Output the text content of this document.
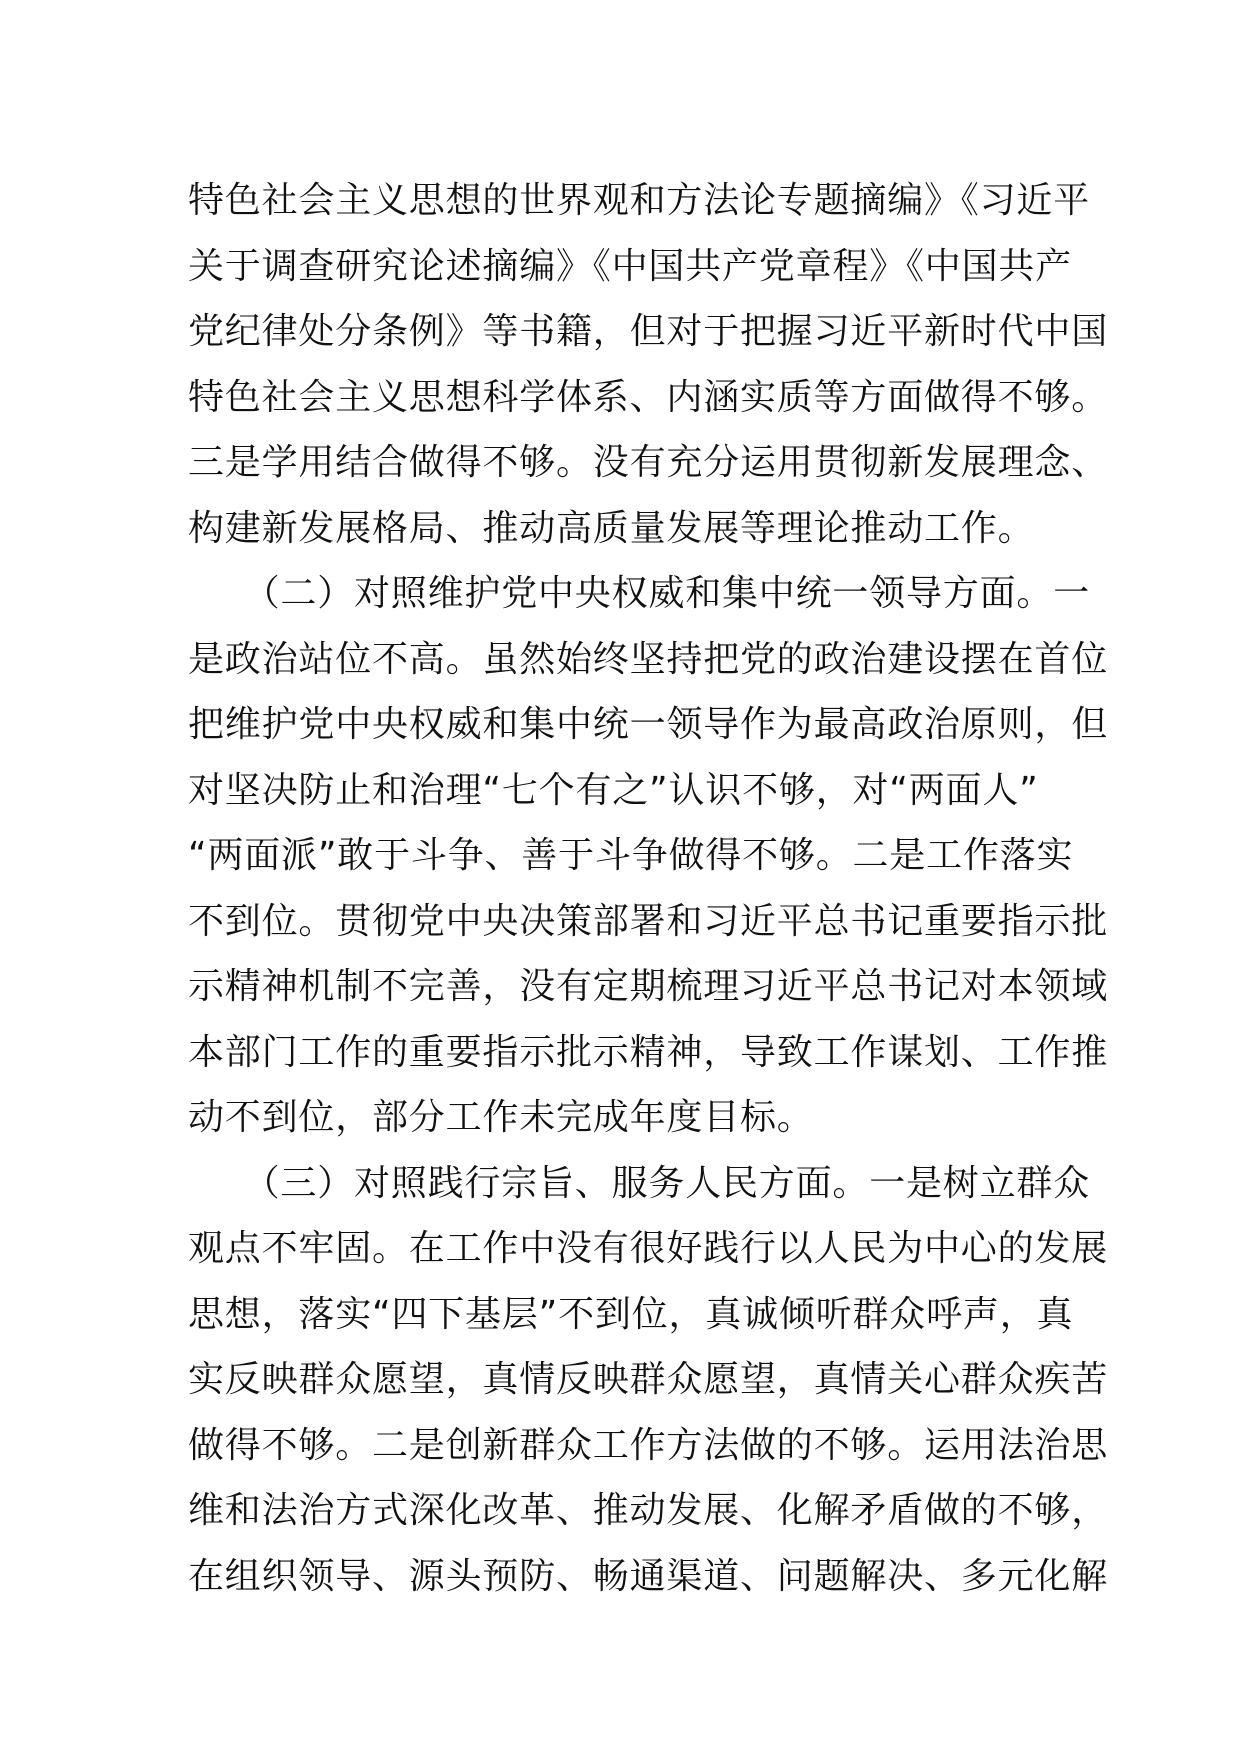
特色社会主义思想的世界观和方法论专题摘编》《习近平
关于调查研究论述摘编》《中国共产党章程》《中国共产
党纪律处分条例》等书籍，但对于把握习近平新时代中国
特色社会主义思想科学体系、内涵实质等方面做得不够。
三是学用结合做得不够。没有充分运用贯彻新发展理念、
构建新发展格局、推动高质量发展等理论推动工作。
　　（二）对照维护党中央权威和集中统一领导方面。一
是政治站位不高。虽然始终坚持把党的政治建设摆在首位
把维护党中央权威和集中统一领导作为最高政治原则，但
对坚决防止和治理“七个有之”认识不够，对“两面人”
“两面派”敢于斗争、善于斗争做得不够。二是工作落实
不到位。贯彻党中央决策部署和习近平总书记重要指示批
示精神机制不完善，没有定期梳理习近平总书记对本领域
本部门工作的重要指示批示精神，导致工作谋划、工作推
动不到位，部分工作未完成年度目标。
　　（三）对照践行宗旨、服务人民方面。一是树立群众
观点不牢固。在工作中没有很好践行以人民为中心的发展
思想，落实“四下基层”不到位，真诚倾听群众呼声，真
实反映群众愿望，真情反映群众愿望，真情关心群众疾苦
做得不够。二是创新群众工作方法做的不够。运用法治思
维和法治方式深化改革、推动发展、化解矛盾做的不够，
在组织领导、源头预防、畅通渠道、问题解决、多元化解
